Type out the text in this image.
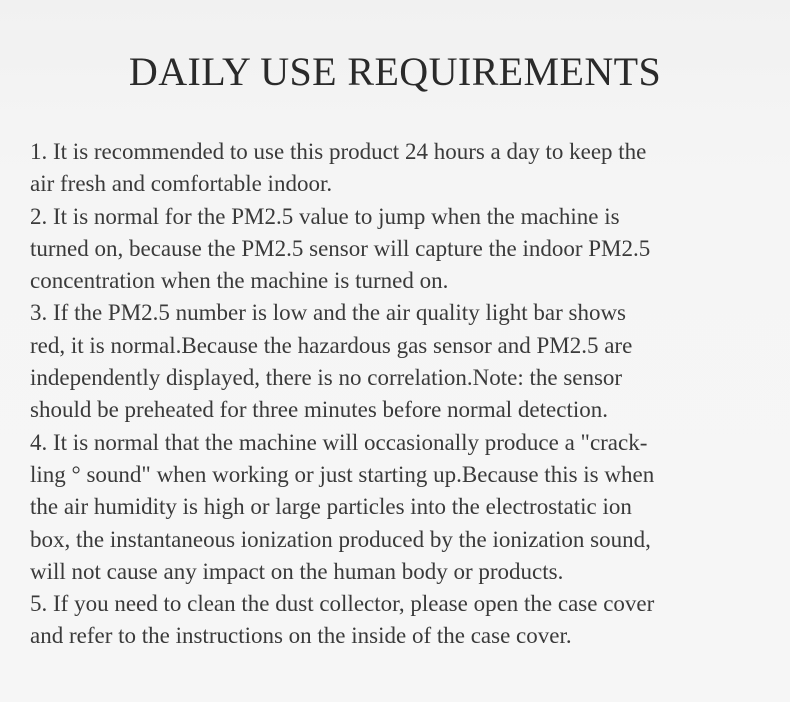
DAILY USE REQUIREMENTS
1. It is recommended to use this product 24 hours a day to keep the
air fresh and comfortable indoor.
2. It is normal for the PM2.5 value to jump when the machine is
turned on, because the PM2.5 sensor will capture the indoor PM2.5
concentration when the machine is turned on.
3. If the PM2.5 number is low and the air quality light bar shows
red, it is normal.Because the hazardous gas sensor and PM2.5 are
independently displayed, there is no correlation.Note: the sensor
should be preheated for three minutes before normal detection.
4. It is normal that the machine will occasionally produce a "crack-
ling ° sound" when working or just starting up.Because this is when
the air humidity is high or large particles into the electrostatic ion
box, the instantaneous ionization produced by the ionization sound,
will not cause any impact on the human body or products.
5. If you need to clean the dust collector, please open the case cover
and refer to the instructions on the inside of the case cover.
